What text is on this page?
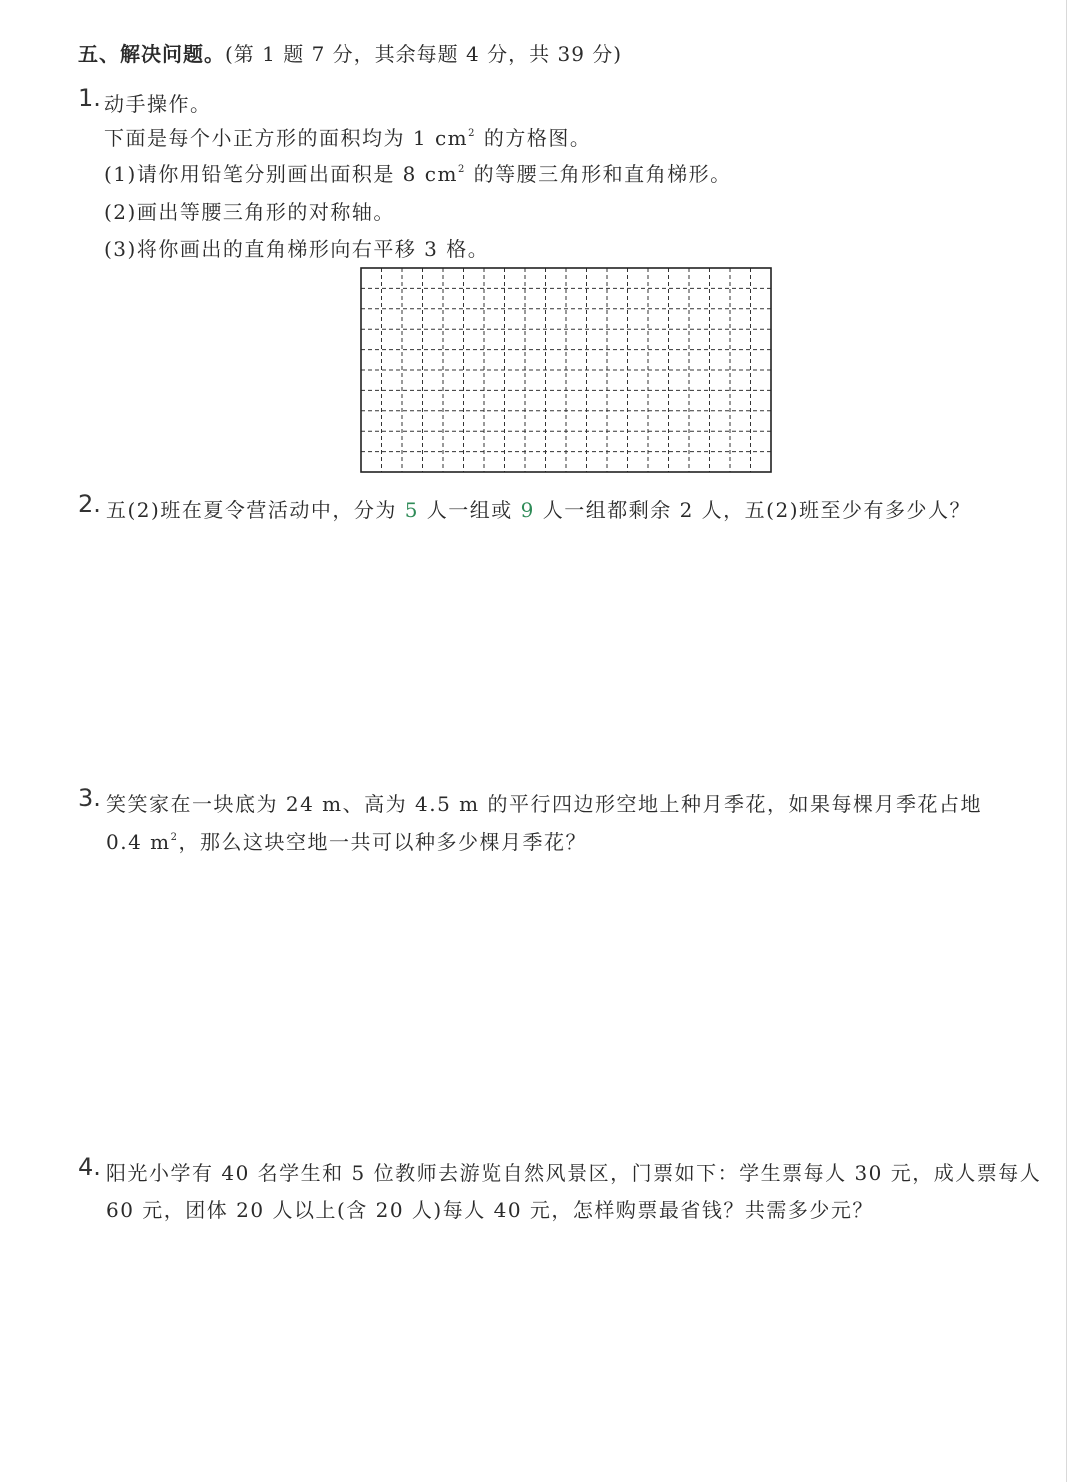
五、解决问题。(第 1 题 7 分，其余每题 4 分，共 39 分)
1. 动手操作。
下面是每个小正方形的面积均为 1 $cm^2$ 的方格图。
(1)请你用铅笔分别画出面积是 8 $cm^2$ 的等腰三角形和直角梯形。
(2)画出等腰三角形的对称轴。
(3)将你画出的直角梯形向右平移 3 格。
2. 五(2)班在夏令营活动中，分为 5 人一组或 9 人一组都剩余 2 人，五(2)班至少有多少人？
3. 笑笑家在一块底为 24 m、高为 4.5 m 的平行四边形空地上种月季花，如果每棵月季花占地
0.4 $m^2$，那么这块空地一共可以种多少棵月季花？
4. 阳光小学有 40 名学生和 5 位教师去游览自然风景区，门票如下：学生票每人 30 元，成人票每人
60 元，团体 20 人以上(含 20 人)每人 40 元，怎样购票最省钱？共需多少元？
